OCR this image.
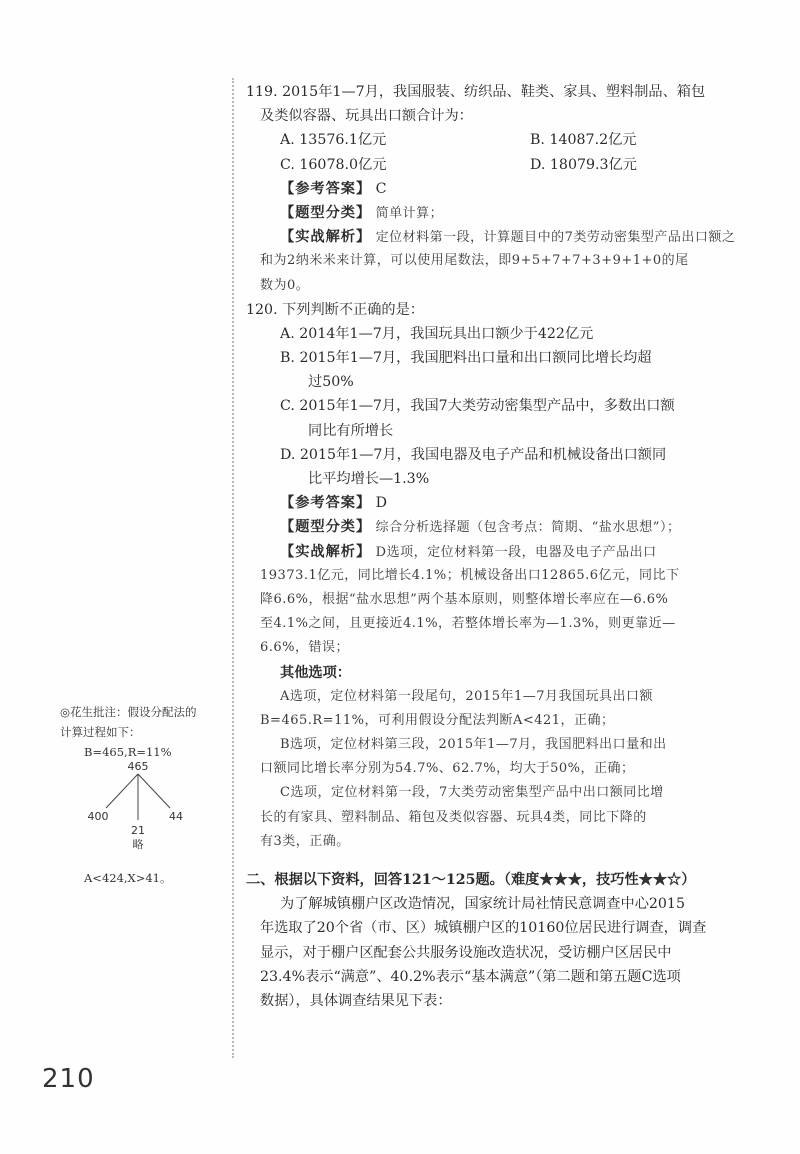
119. 2015年1—7月，我国服装、纺织品、鞋类、家具、塑料制品、箱包
及类似容器、玩具出口额合计为：
A. 13576.1亿元	B. 14087.2亿元
C. 16078.0亿元	D. 18079.3亿元
【参考答案】 C
【题型分类】 简单计算；
【实战解析】 定位材料第一段，计算题目中的7类劳动密集型产品出口额之
和为2纳米米来计算，可以使用尾数法，即9+5+7+7+3+9+1+0的尾
数为0。
120. 下列判断不正确的是：
A. 2014年1—7月，我国玩具出口额少于422亿元
B. 2015年1—7月，我国肥料出口量和出口额同比增长均超
过50%
C. 2015年1—7月，我国7大类劳动密集型产品中，多数出口额
同比有所增长
D. 2015年1—7月，我国电器及电子产品和机械设备出口额同
比平均增长—1.3%
【参考答案】 D
【题型分类】 综合分析选择题（包含考点：简期、“盐水思想”）；
【实战解析】 D选项，定位材料第一段，电器及电子产品出口
19373.1亿元，同比增长4.1%；机械设备出口12865.6亿元，同比下
降6.6%，根据“盐水思想”两个基本原则，则整体增长率应在—6.6%
至4.1%之间，且更接近4.1%，若整体增长率为—1.3%，则更靠近—
6.6%，错误；
其他选项：
A选项，定位材料第一段尾句，2015年1—7月我国玩具出口额
B=465.R=11%，可利用假设分配法判断A<421，正确；
B选项，定位材料第三段，2015年1—7月，我国肥料出口量和出
口额同比增长率分别为54.7%、62.7%，均大于50%，正确；
C选项，定位材料第一段，7大类劳动密集型产品中出口额同比增
长的有家具、塑料制品、箱包及类似容器、玩具4类，同比下降的
有3类，正确。
二、根据以下资料，回答121～125题。（难度★★★，技巧性★★☆）
为了解城镇棚户区改造情况，国家统计局社情民意调查中心2015
年选取了20个省（市、区）城镇棚户区的10160位居民进行调查，调查
显示，对于棚户区配套公共服务设施改造状况，受访棚户区居民中
23.4%表示“满意”、40.2%表示“基本满意”（第二题和第五题C选项
数据），具体调查结果见下表：
◎花生批注：假设分配法的
计算过程如下：
B=465,R=11%
465
400
21
44
略
A<424,X>41。
210
